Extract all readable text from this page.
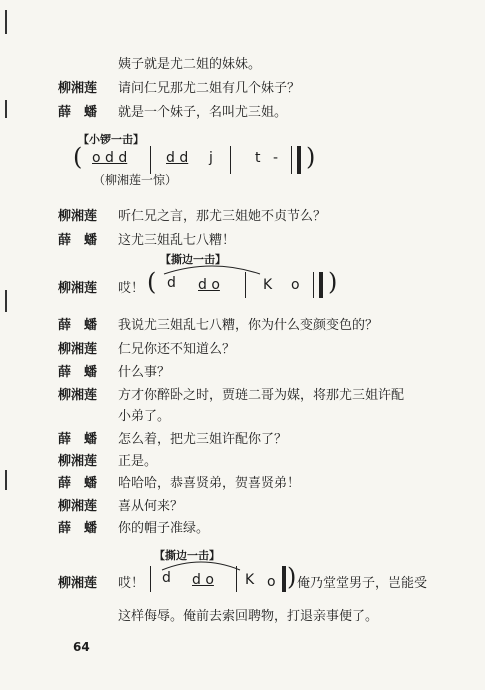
姨子就是尤二姐的妹妹。
柳湘莲 请问仁兄那尤二姐有几个妹子？
薛　蟠 就是一个妹子，名叫尤三姐。
【小锣一击】
( o d d	d d j	t - )
（柳湘莲一惊）
柳湘莲 听仁兄之言，那尤三姐她不贞节么？
薛　蟠 这尤三姐乱七八糟！
【撕边一击】
柳湘莲 哎！ ( d d o	K o )
薛　蟠 我说尤三姐乱七八糟，你为什么变颜变色的？
柳湘莲 仁兄你还不知道么？
薛　蟠 什么事？
柳湘莲 方才你醉卧之时，贾琏二哥为媒，将那尤三姐许配
小弟了。
薛　蟠 怎么着，把尤三姐许配你了？
柳湘莲 正是。
薛　蟠 哈哈哈，恭喜贤弟，贺喜贤弟！
柳湘莲 喜从何来？
薛　蟠 你的帽子准绿。
【撕边一击】
柳湘莲 哎！ d d o K o ) 俺乃堂堂男子，岂能受
这样侮辱。俺前去索回聘物，打退亲事便了。
64
